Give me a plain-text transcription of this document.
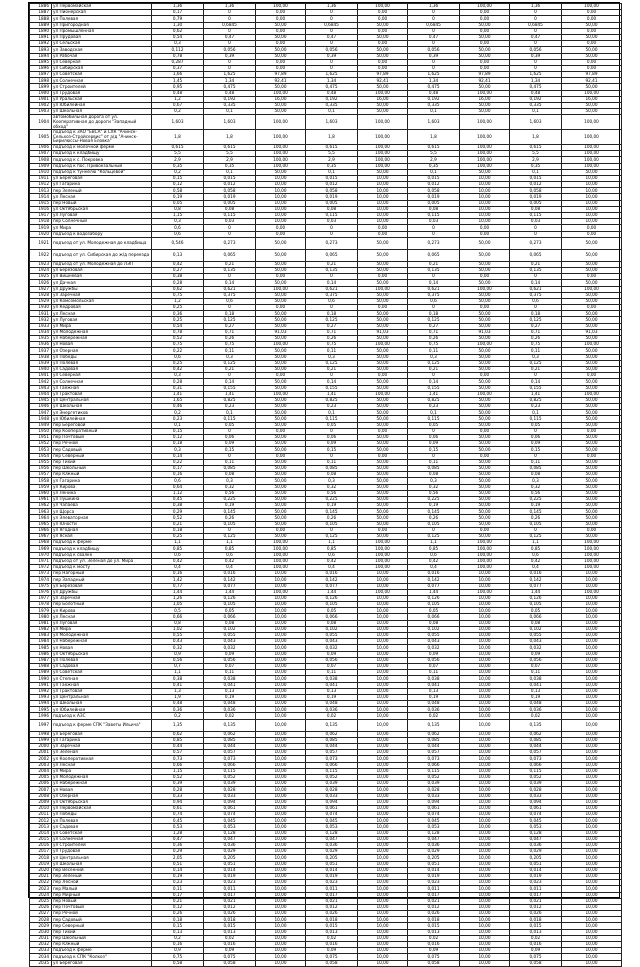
1886	ул Первомайская	1,36	1,36	100,00	1,36	100,00	1,36	100,00	1,36	100,00
1887	ул Пионерская	0,17	0	0,00	0	0,00	0	0,00	0	0,00
1888	ул Полевая	0,79	0	0,00	0	0,00	0	0,00	0	0,00
1889	ул Пригородная	1,30	0,6845	50,00	0,6845	50,00	0,6845	50,00	0,6845	50,00
1890	ул Промышленная	0,62	0	0,00	0	0,00	0	0,00	0	0,00
1891	ул Прудовая	0,54	0,47	50,00	0,47	50,00	0,47	50,00	0,47	50,00
1892	ул Сельская	0,3	0	0,00	0	0,00	0	0,00	0	0,00
1893	ул Заводская	0,112	0,056	50,00	0,056	50,00	0,056	50,00	0,056	50,00
1894	ул Рабочая	0,78	0,39	50,00	0,39	50,00	0,39	50,00	0,39	50,00
1895	ул Северная	0,287	0	0,00	0	0,00	0	0,00	0	0,00
1896	ул Сибирская	0,37	0	0,00	0	0,00	0	0,00	0	0,00
1897	ул Советская	1,66	1,625	97,89	1,625	97,89	1,625	97,89	1,625	97,89
1898	ул Солнечная	1,45	1,34	92,41	1,34	92,41	1,34	92,41	1,34	92,41
1899	ул Строителей	0,95	0,475	50,00	0,475	50,00	0,475	50,00	0,475	50,00
1900	ул Трудовая	0,48	0,48	100,00	0,48	100,00	0,48	100,00	0,48	100,00
1901	ул Уральская	1,2	0,192	16,00	0,192	16,00	0,192	16,00	0,192	16,00
1902	ул Юбилейная	0,67	0,335	50,00	0,335	50,00	0,335	50,00	0,335	50,00
1903	ул Школьная	0,2	0,1	50,00	0,1	50,00	0,1	50,00	0,1	50,00
1904	автомобильная дорога от ул. Кооперативная до дороги "Западный обход"	1,603	1,603	100,00	1,603	100,00	1,603	100,00	1,603	100,00
1905	подъезд к ЗАО "ЕВСА" и СХК "Ачинск-Сельхоз-Стройсервис" от а/д "Ачинск-Бирилюссы-Новая Еловка"	1,8	1,8	100,00	1,8	100,00	1,8	100,00	1,8	100,00
1906	подъезд к молочной ферме	0,615	0,615	100,00	0,615	100,00	0,615	100,00	0,615	100,00
1907	подъезд к кладбищу	5,5	5,5	100,00	5,5	100,00	5,5	100,00	5,5	100,00
1908	подъезд к с. Покровка	2,9	2,9	100,00	2,9	100,00	2,9	100,00	2,9	100,00
1909	подъезд к пос. Привокзальный	0,35	0,35	100,00	0,35	100,00	0,35	100,00	0,35	100,00
1910	подъезд к туннелю "Кольцевой"	0,2	0,1	50,00	0,1	50,00	0,1	50,00	0,1	50,00
1911	ул Береговая	0,15	0,015	10,00	0,015	10,00	0,015	10,00	0,015	10,00
1912	ул Гагарина	0,12	0,012	10,00	0,012	10,00	0,012	10,00	0,012	10,00
1913	пер Зеленый	0,58	0,058	10,00	0,058	10,00	0,058	10,00	0,058	10,00
1914	ул Лесная	0,19	0,019	10,00	0,019	10,00	0,019	10,00	0,019	10,00
1915	пер Новый	0,05	0,005	10,00	0,005	10,00	0,005	10,00	0,005	10,00
1916	ул Октябрьская	0,8	0,08	10,00	0,08	10,00	0,08	10,00	0,08	10,00
1917	ул Луговая	1,15	0,115	10,00	0,115	10,00	0,115	10,00	0,115	10,00
1918	пер Солнечный	0,3	0,03	10,00	0,03	10,00	0,03	10,00	0,03	10,00
1919	ул Мира	0,6	0	0,00	0	0,00	0	0,00	0	0,00
1920	подъезд к водозабору	0,6	0	0,00	0	0,00	0	0,00	0	0,00
1921	подъезд от ул. Молодежная до кладбища	0,546	0,273	50,00	0,273	50,00	0,273	50,00	0,273	50,00
1922	подъезд от ул. Сибирская до ж/д переезда	0,13	0,065	50,00	0,065	50,00	0,065	50,00	0,065	50,00
1923	подъезд от ул. Молодежная до ЛЭП	0,42	0,21	50,00	0,21	50,00	0,21	50,00	0,21	50,00
1924	ул Березовая	0,27	0,135	50,00	0,135	50,00	0,135	50,00	0,135	50,00
1925	ул Вишневая	0,38	0	0,00	0	0,00	0	0,00	0	0,00
1926	ул Дачная	0,28	0,14	50,00	0,14	50,00	0,14	50,00	0,14	50,00
1927	ул Дружбы	0,62	0,621	100,00	0,621	100,00	0,621	100,00	0,621	100,00
1928	ул Заречная	0,75	0,375	50,00	0,375	50,00	0,375	50,00	0,375	50,00
1929	ул Комсомольская	1,2	0,6	50,00	0,6	50,00	0,6	50,00	0,6	50,00
1930	ул Кедровая	0,25	0	0,00	0	0,00	0	0,00	0	0,00
1931	ул Лесная	0,36	0,18	50,00	0,18	50,00	0,18	50,00	0,18	50,00
1932	ул Луговая	0,25	0,125	50,00	0,125	50,00	0,125	50,00	0,125	50,00
1933	ул Мира	0,54	0,27	50,00	0,27	50,00	0,27	50,00	0,27	50,00
1934	ул Молодежная	0,78	0,71	91,03	0,71	91,03	0,71	91,03	0,71	91,03
1935	ул Набережная	0,52	0,26	50,00	0,26	50,00	0,26	50,00	0,26	50,00
1936	ул Новая	0,75	0,75	100,00	0,75	100,00	0,75	100,00	0,75	100,00
1937	ул Озерная	0,22	0,11	50,00	0,11	50,00	0,11	50,00	0,11	50,00
1938	ул Победы	0,6	0,3	50,00	0,3	50,00	0,3	50,00	0,3	50,00
1939	ул Полевая	0,25	0,125	50,00	0,125	50,00	0,125	50,00	0,125	50,00
1940	ул Садовая	0,42	0,21	50,00	0,21	50,00	0,21	50,00	0,21	50,00
1941	ул Северная	0,3	0	0,00	0	0,00	0	0,00	0	0,00
1942	ул Солнечная	0,28	0,14	50,00	0,14	50,00	0,14	50,00	0,14	50,00
1943	ул Таежная	0,31	0,155	50,00	0,155	50,00	0,155	50,00	0,155	50,00
1944	ул Трактовая	1,41	1,41	100,00	1,41	100,00	1,41	100,00	1,41	100,00
1945	ул Центральная	1,65	0,825	50,00	0,825	50,00	0,825	50,00	0,825	50,00
1946	ул Школьная	0,46	0,23	50,00	0,23	50,00	0,23	50,00	0,23	50,00
1947	ул Энергетиков	0,2	0,1	50,00	0,1	50,00	0,1	50,00	0,1	50,00
1948	ул Юбилейная	0,23	0,115	50,00	0,115	50,00	0,115	50,00	0,115	50,00
1949	пер Береговой	0,1	0,05	50,00	0,05	50,00	0,05	50,00	0,05	50,00
1950	пер Кооперативный	0,15	0	0,00	0	0,00	0	0,00	0	0,00
1951	пер Почтовый	0,12	0,06	50,00	0,06	50,00	0,06	50,00	0,06	50,00
1952	пер Речной	0,18	0,09	50,00	0,09	50,00	0,09	50,00	0,09	50,00
1953	пер Садовый	0,3	0,15	50,00	0,15	50,00	0,15	50,00	0,15	50,00
1954	пер Северный	0,14	0	0,00	0	0,00	0	0,00	0	0,00
1955	пер Тихий	0,22	0,11	50,00	0,11	50,00	0,11	50,00	0,11	50,00
1956	пер Школьный	0,17	0,085	50,00	0,085	50,00	0,085	50,00	0,085	50,00
1957	пер Южный	0,16	0,08	50,00	0,08	50,00	0,08	50,00	0,08	50,00
1958	ул Гагарина	0,6	0,3	50,00	0,3	50,00	0,3	50,00	0,3	50,00
1959	ул Кирова	0,64	0,32	50,00	0,32	50,00	0,32	50,00	0,32	50,00
1960	ул Ленина	1,12	0,56	50,00	0,56	50,00	0,56	50,00	0,56	50,00
1961	ул Пушкина	0,45	0,225	50,00	0,225	50,00	0,225	50,00	0,225	50,00
1962	ул Чапаева	0,38	0,19	50,00	0,19	50,00	0,19	50,00	0,19	50,00
1963	ул Щорса	0,29	0,145	50,00	0,145	50,00	0,145	50,00	0,145	50,00
1964	ул Элеваторная	0,52	0,26	50,00	0,26	50,00	0,26	50,00	0,26	50,00
1965	ул Юности	0,21	0,105	50,00	0,105	50,00	0,105	50,00	0,105	50,00
1966	ул Ягодная	0,18	0	0,00	0	0,00	0	0,00	0	0,00
1967	ул Ясная	0,25	0,125	50,00	0,125	50,00	0,125	50,00	0,125	50,00
1968	подъезд к ферме	1,1	1,1	100,00	1,1	100,00	1,1	100,00	1,1	100,00
1969	подъезд к кладбищу	0,85	0,85	100,00	0,85	100,00	0,85	100,00	0,85	100,00
1970	подъезд к свалке	0,6	0,6	100,00	0,6	100,00	0,6	100,00	0,6	100,00
1971	подъезд от ул. Зеленая до ул. Мира	0,42	0,42	100,00	0,42	100,00	0,42	100,00	0,42	100,00
1972	подъезд к мосту	0,4	0,4	100,00	0,4	100,00	0,4	100,00	0,4	100,00
1973	пер Нагорный	0,16	0,016	10,00	0,016	10,00	0,016	10,00	0,016	10,00
1974	пер Западный	1,42	0,142	10,00	0,142	10,00	0,142	10,00	0,142	10,00
1975	ул Березовая	0,77	0,077	10,00	0,077	10,00	0,077	10,00	0,077	10,00
1976	ул Дружбы	1,44	1,44	100,00	1,44	100,00	1,44	100,00	1,44	100,00
1977	ул Заречная	1,26	0,126	10,00	0,126	10,00	0,126	10,00	0,126	10,00
1978	пер Болотный	1,05	0,105	10,00	0,105	10,00	0,105	10,00	0,105	10,00
1979	ул Кирова	0,5	0,05	10,00	0,05	10,00	0,05	10,00	0,05	10,00
1980	ул Лесная	0,66	0,066	10,00	0,066	10,00	0,066	10,00	0,066	10,00
1981	ул Луговая	0,8	0,08	10,00	0,08	10,00	0,08	10,00	0,08	10,00
1982	ул Мира	1,02	0,102	10,00	0,102	10,00	0,102	10,00	0,102	10,00
1983	ул Молодежная	0,55	0,055	10,00	0,055	10,00	0,055	10,00	0,055	10,00
1984	ул Набережная	0,43	0,043	10,00	0,043	10,00	0,043	10,00	0,043	10,00
1985	ул Новая	0,32	0,032	10,00	0,032	10,00	0,032	10,00	0,032	10,00
1986	ул Октябрьская	0,9	0,09	10,00	0,09	10,00	0,09	10,00	0,09	10,00
1987	ул Полевая	0,56	0,056	10,00	0,056	10,00	0,056	10,00	0,056	10,00
1988	ул Садовая	0,7	0,07	10,00	0,07	10,00	0,07	10,00	0,07	10,00
1989	ул Советская	1,1	0,11	10,00	0,11	10,00	0,11	10,00	0,11	10,00
1990	ул Степная	0,38	0,038	10,00	0,038	10,00	0,038	10,00	0,038	10,00
1991	ул Таежная	0,41	0,041	10,00	0,041	10,00	0,041	10,00	0,041	10,00
1992	ул Трактовая	1,3	0,13	10,00	0,13	10,00	0,13	10,00	0,13	10,00
1993	ул Центральная	1,9	0,19	10,00	0,19	10,00	0,19	10,00	0,19	10,00
1994	ул Школьная	0,48	0,048	10,00	0,048	10,00	0,048	10,00	0,048	10,00
1995	ул Юбилейная	0,36	0,036	10,00	0,036	10,00	0,036	10,00	0,036	10,00
1996	подъезд к АЗС	0,2	0,02	10,00	0,02	10,00	0,02	10,00	0,02	10,00
1997	подъезд к ферме СПК "Заветы Ильича"	1,35	0,135	10,00	0,135	10,00	0,135	10,00	0,135	10,00
1998	ул Береговая	0,62	0,062	10,00	0,062	10,00	0,062	10,00	0,062	10,00
1999	ул Гагарина	0,85	0,085	10,00	0,085	10,00	0,085	10,00	0,085	10,00
2000	ул Заречная	0,44	0,044	10,00	0,044	10,00	0,044	10,00	0,044	10,00
2001	ул Зеленая	0,57	0,057	10,00	0,057	10,00	0,057	10,00	0,057	10,00
2002	ул Кооперативная	0,73	0,073	10,00	0,073	10,00	0,073	10,00	0,073	10,00
2003	ул Лесная	0,66	0,066	10,00	0,066	10,00	0,066	10,00	0,066	10,00
2004	ул Мира	1,15	0,115	10,00	0,115	10,00	0,115	10,00	0,115	10,00
2005	ул Молодежная	0,52	0,052	10,00	0,052	10,00	0,052	10,00	0,052	10,00
2006	ул Набережная	0,39	0,039	10,00	0,039	10,00	0,039	10,00	0,039	10,00
2007	ул Новая	0,28	0,028	10,00	0,028	10,00	0,028	10,00	0,028	10,00
2008	ул Озерная	0,33	0,033	10,00	0,033	10,00	0,033	10,00	0,033	10,00
2009	ул Октябрьская	0,94	0,094	10,00	0,094	10,00	0,094	10,00	0,094	10,00
2010	ул Первомайская	0,61	0,061	10,00	0,061	10,00	0,061	10,00	0,061	10,00
2011	ул Победы	0,74	0,074	10,00	0,074	10,00	0,074	10,00	0,074	10,00
2012	ул Полевая	0,45	0,045	10,00	0,045	10,00	0,045	10,00	0,045	10,00
2013	ул Садовая	0,53	0,053	10,00	0,053	10,00	0,053	10,00	0,053	10,00
2014	ул Советская	1,28	0,128	10,00	0,128	10,00	0,128	10,00	0,128	10,00
2015	ул Солнечная	0,47	0,047	10,00	0,047	10,00	0,047	10,00	0,047	10,00
2016	ул Строителей	0,36	0,036	10,00	0,036	10,00	0,036	10,00	0,036	10,00
2017	ул Трудовая	0,29	0,029	10,00	0,029	10,00	0,029	10,00	0,029	10,00
2018	ул Центральная	2,05	0,205	10,00	0,205	10,00	0,205	10,00	0,205	10,00
2019	ул Школьная	0,51	0,051	10,00	0,051	10,00	0,051	10,00	0,051	10,00
2020	пер Весенний	0,14	0,014	10,00	0,014	10,00	0,014	10,00	0,014	10,00
2021	пер Зеленый	0,19	0,019	10,00	0,019	10,00	0,019	10,00	0,019	10,00
2022	пер Лесной	0,23	0,023	10,00	0,023	10,00	0,023	10,00	0,023	10,00
2023	пер Малый	0,11	0,011	10,00	0,011	10,00	0,011	10,00	0,011	10,00
2024	пер Мирный	0,17	0,017	10,00	0,017	10,00	0,017	10,00	0,017	10,00
2025	пер Новый	0,21	0,021	10,00	0,021	10,00	0,021	10,00	0,021	10,00
2026	пер Почтовый	0,12	0,012	10,00	0,012	10,00	0,012	10,00	0,012	10,00
2027	пер Речной	0,26	0,026	10,00	0,026	10,00	0,026	10,00	0,026	10,00
2028	пер Садовый	0,18	0,018	10,00	0,018	10,00	0,018	10,00	0,018	10,00
2029	пер Северный	0,15	0,015	10,00	0,015	10,00	0,015	10,00	0,015	10,00
2030	пер Тихий	0,13	0,013	10,00	0,013	10,00	0,013	10,00	0,013	10,00
2031	пер Школьный	0,2	0,02	10,00	0,02	10,00	0,02	10,00	0,02	10,00
2032	пер Южный	0,16	0,016	10,00	0,016	10,00	0,016	10,00	0,016	10,00
2033	подъезд к ферме	0,9	0,09	10,00	0,09	10,00	0,09	10,00	0,09	10,00
2034	подъезд к СПК "Колхоз"	0,75	0,075	10,00	0,075	10,00	0,075	10,00	0,075	10,00
2035	ул Береговая	0,58	0,058	10,00	0,058	10,00	0,058	10,00	0,058	10,00
